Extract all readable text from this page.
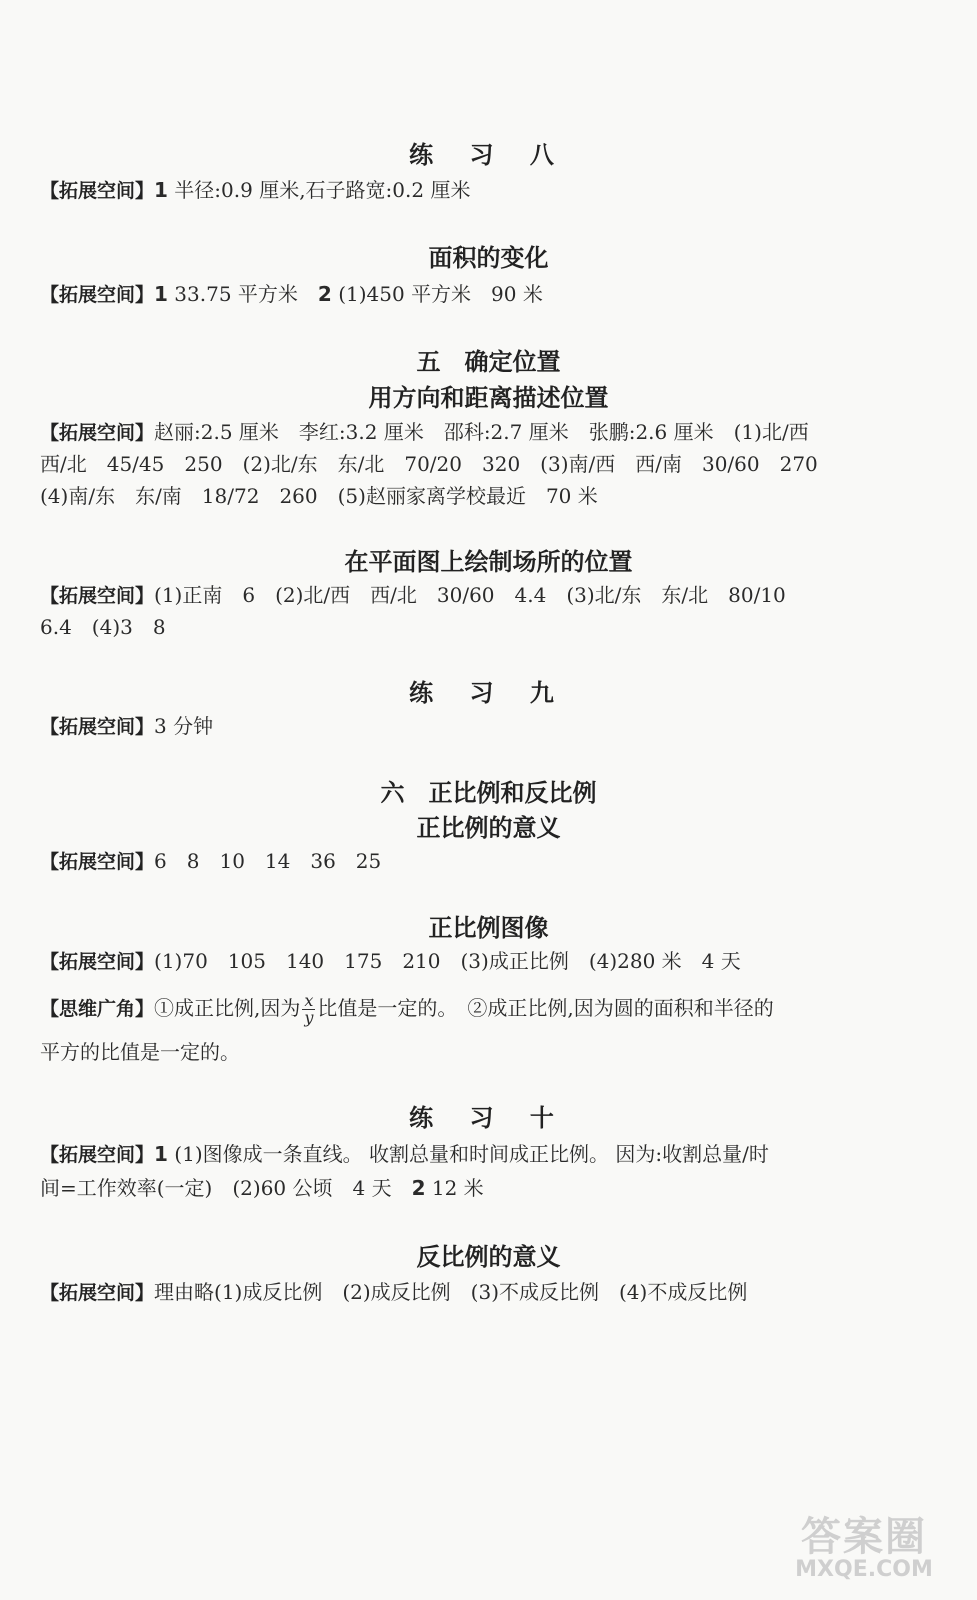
练 习 八
【拓展空间】1 半径:0.9 厘米,石子路宽:0.2 厘米
面积的变化
【拓展空间】1 33.75 平方米　2 (1)450 平方米　90 米
五　确定位置
用方向和距离描述位置
【拓展空间】赵丽:2.5 厘米　李红:3.2 厘米　邵科:2.7 厘米　张鹏:2.6 厘米　(1)北/西
西/北　45/45　250　(2)北/东　东/北　70/20　320　(3)南/西　西/南　30/60　270
(4)南/东　东/南　18/72　260　(5)赵丽家离学校最近　70 米
在平面图上绘制场所的位置
【拓展空间】(1)正南　6　(2)北/西　西/北　30/60　4.4　(3)北/东　东/北　80/10
6.4　(4)3　8
练 习 九
【拓展空间】3 分钟
六　正比例和反比例
正比例的意义
【拓展空间】6　8　10　14　36　25
正比例图像
【拓展空间】(1)70　105　140　175　210　(3)成正比例　(4)280 米　4 天
【思维广角】①成正比例,因为 $\frac{x}{y}$ 比值是一定的。　②成正比例,因为圆的面积和半径的
平方的比值是一定的。
练 习 十
【拓展空间】1 (1)图像成一条直线。 收割总量和时间成正比例。 因为:收割总量/时
间=工作效率(一定)　(2)60 公顷　4 天　2 12 米
反比例的意义
【拓展空间】理由略(1)成反比例　(2)成反比例　(3)不成反比例　(4)不成反比例
答案圈
MXQE.COM
